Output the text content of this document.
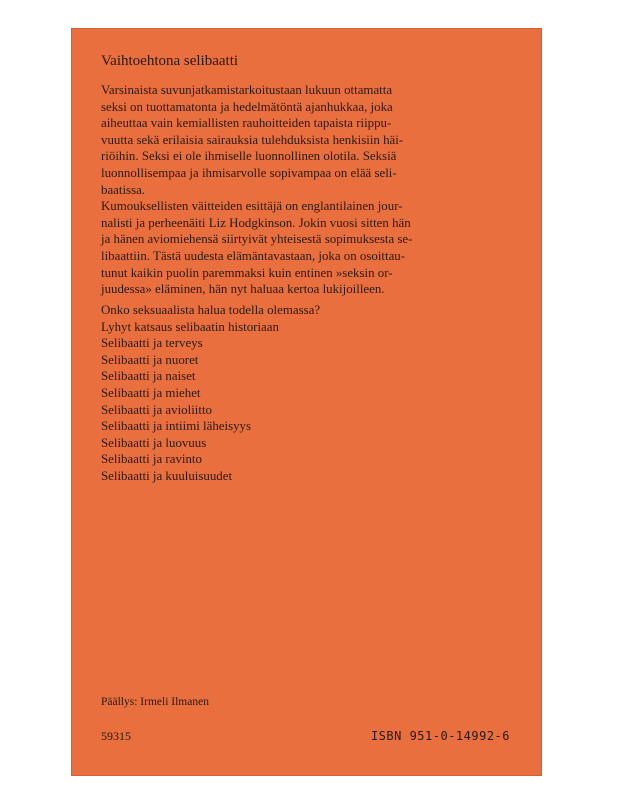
Vaihtoehtona selibaatti
Varsinaista suvunjatkamistarkoitustaan lukuun ottamatta
seksi on tuottamatonta ja hedelmätöntä ajanhukkaa, joka
aiheuttaa vain kemiallisten rauhoitteiden tapaista riippu-
vuutta sekä erilaisia sairauksia tulehduksista henkisiin häi-
riöihin. Seksi ei ole ihmiselle luonnollinen olotila. Seksiä
luonnollisempaa ja ihmisarvolle sopivampaa on elää seli-
baatissa.
Kumouksellisten väitteiden esittäjä on englantilainen jour-
nalisti ja perheenäiti Liz Hodgkinson. Jokin vuosi sitten hän
ja hänen aviomiehensä siirtyivät yhteisestä sopimuksesta se-
libaattiin. Tästä uudesta elämäntavastaan, joka on osoittau-
tunut kaikin puolin paremmaksi kuin entinen »seksin or-
juudessa» eläminen, hän nyt haluaa kertoa lukijoilleen.
Onko seksuaalista halua todella olemassa?
Lyhyt katsaus selibaatin historiaan
Selibaatti ja terveys
Selibaatti ja nuoret
Selibaatti ja naiset
Selibaatti ja miehet
Selibaatti ja avioliitto
Selibaatti ja intiimi läheisyys
Selibaatti ja luovuus
Selibaatti ja ravinto
Selibaatti ja kuuluisuudet
Päällys: Irmeli Ilmanen
59315	ISBN 951-0-14992-6
